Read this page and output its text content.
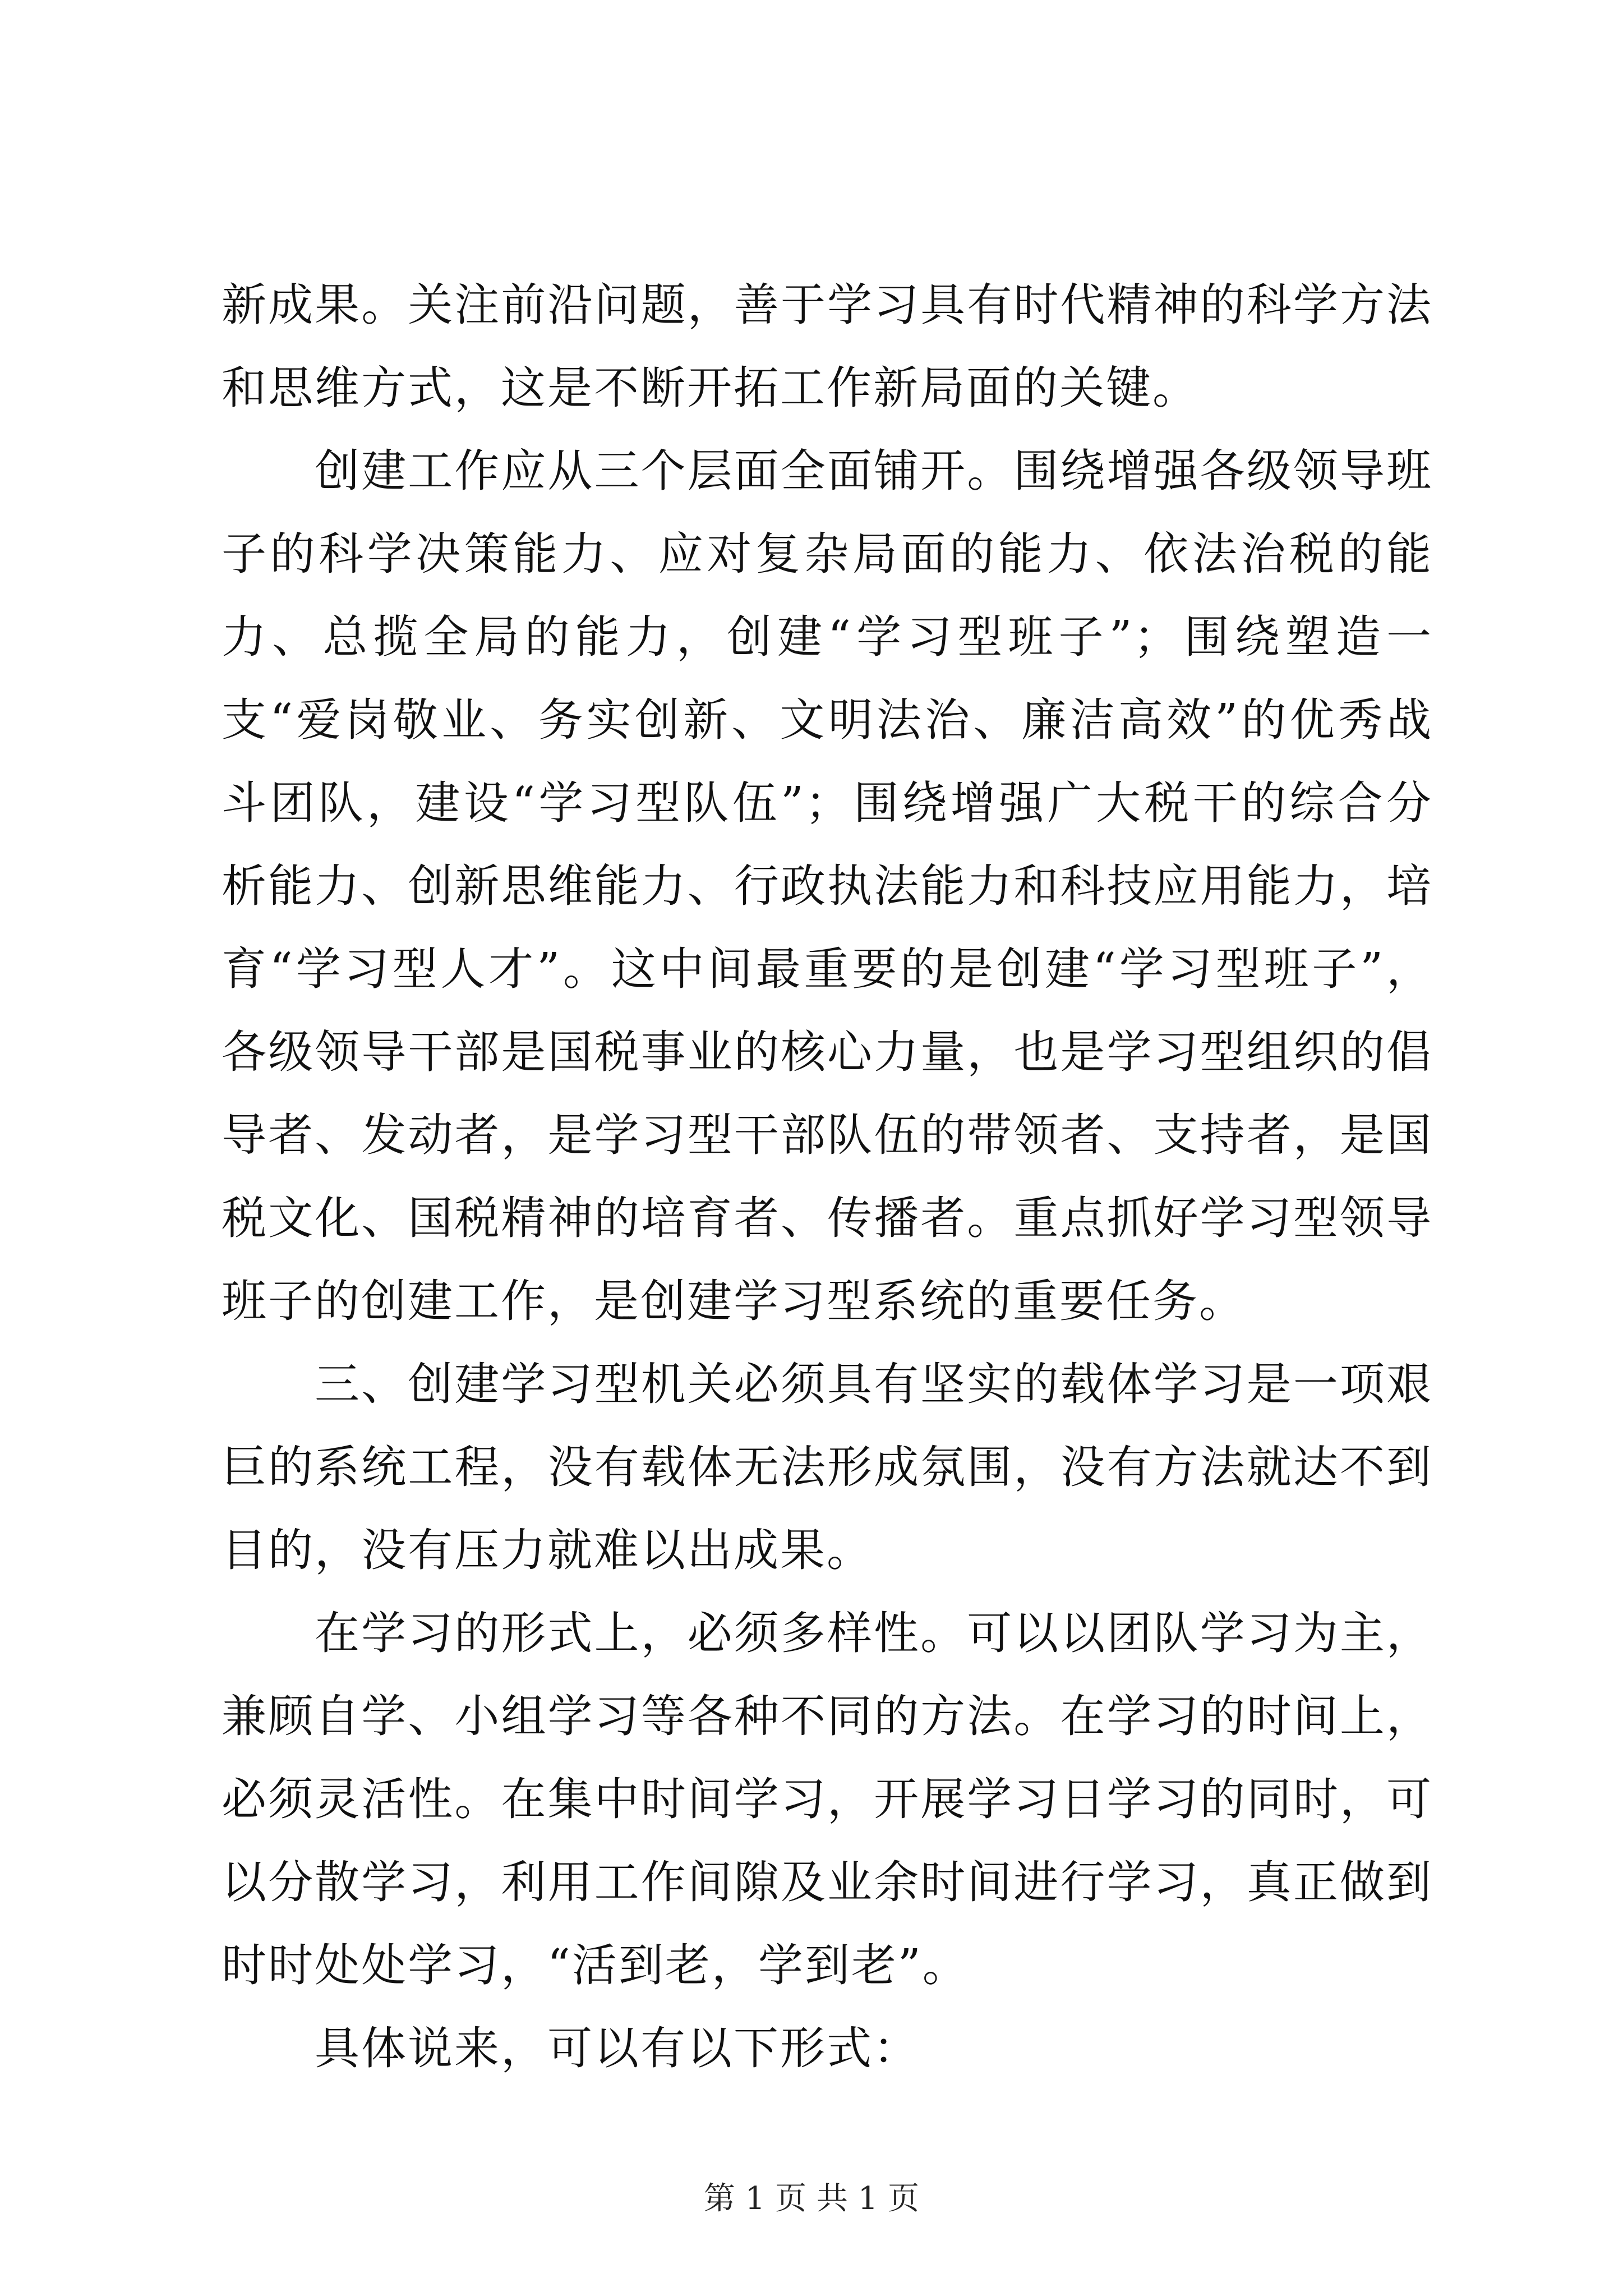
新成果。关注前沿问题，善于学习具有时代精神的科学方法和思维方式，这是不断开拓工作新局面的关键。

创建工作应从三个层面全面铺开。围绕增强各级领导班子的科学决策能力、应对复杂局面的能力、依法治税的能力、总揽全局的能力，创建“学习型班子”；围绕塑造一支“爱岗敬业、务实创新、文明法治、廉洁高效”的优秀战斗团队，建设“学习型队伍”；围绕增强广大税干的综合分析能力、创新思维能力、行政执法能力和科技应用能力，培育“学习型人才”。这中间最重要的是创建“学习型班子”，各级领导干部是国税事业的核心力量，也是学习型组织的倡导者、发动者，是学习型干部队伍的带领者、支持者，是国税文化、国税精神的培育者、传播者。重点抓好学习型领导班子的创建工作，是创建学习型系统的重要任务。

三、创建学习型机关必须具有坚实的载体学习是一项艰巨的系统工程，没有载体无法形成氛围，没有方法就达不到目的，没有压力就难以出成果。

在学习的形式上，必须多样性。可以以团队学习为主，兼顾自学、小组学习等各种不同的方法。在学习的时间上，必须灵活性。在集中时间学习，开展学习日学习的同时，可以分散学习，利用工作间隙及业余时间进行学习，真正做到时时处处学习，“活到老，学到老”。

具体说来，可以有以下形式：

第 1 页 共 1 页
